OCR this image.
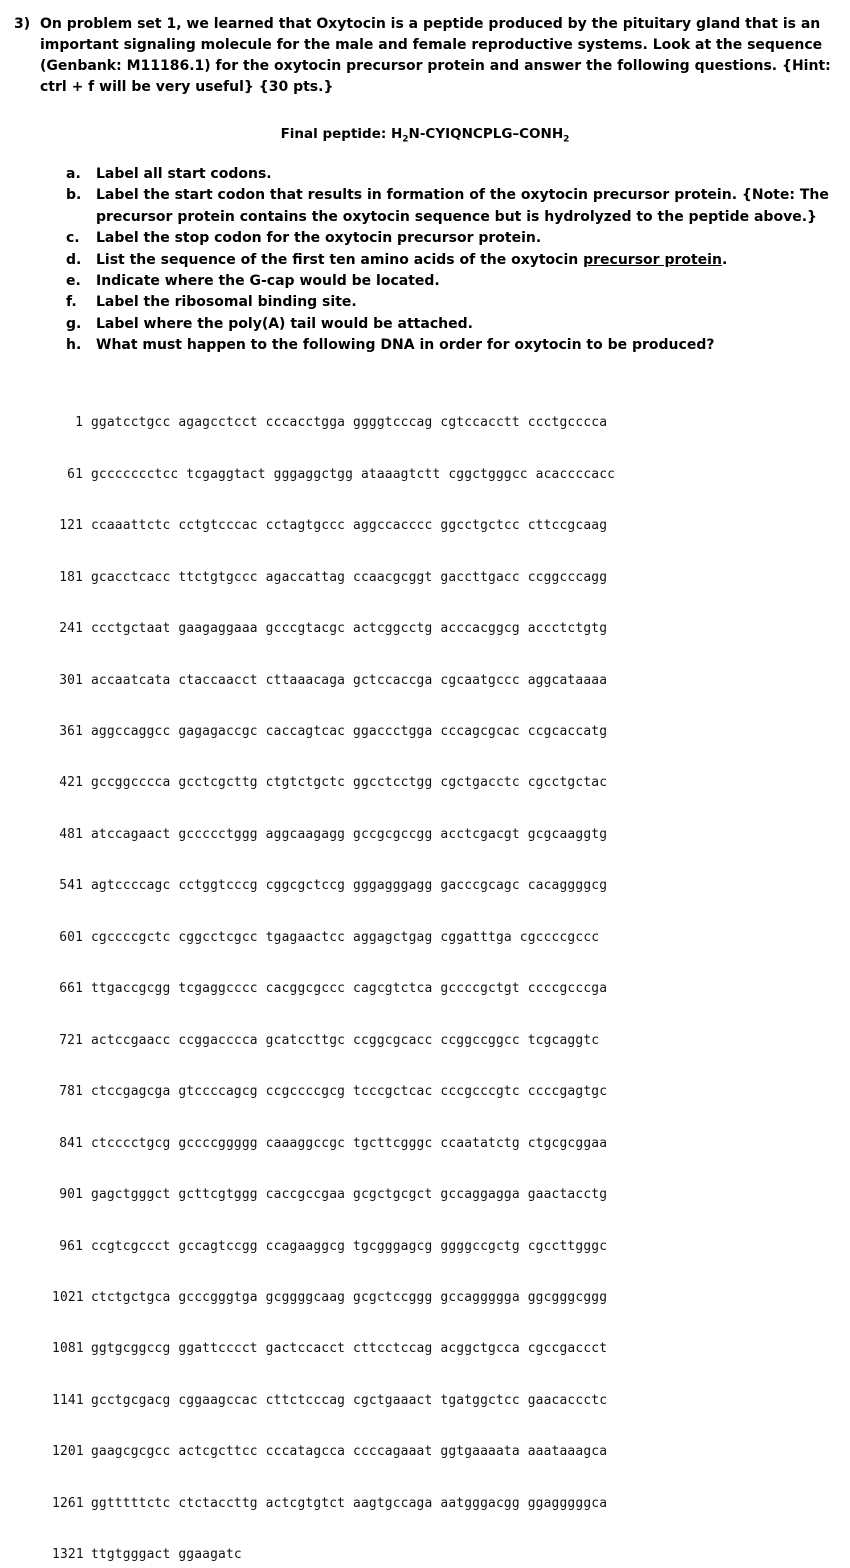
3) On problem set 1, we learned that Oxytocin is a peptide produced by the pituitary gland that is an important signaling molecule for the male and female reproductive systems. Look at the sequence (Genbank: M11186.1) for the oxytocin precursor protein and answer the following questions. {Hint: ctrl + f will be very useful} {30 pts.}
Final peptide: $H_2N-CYIQNCPLG-CONH_2$
a. Label all start codons.
b. Label the start codon that results in formation of the oxytocin precursor protein. {Note: The precursor protein contains the oxytocin sequence but is hydrolyzed to the peptide above.}
c. Label the stop codon for the oxytocin precursor protein.
d. List the sequence of the first ten amino acids of the oxytocin precursor protein.
e. Indicate where the G-cap would be located.
f. Label the ribosomal binding site.
g. Label where the poly(A) tail would be attached.
h. What must happen to the following DNA in order for oxytocin to be produced?

1 ggatcctgcc agagcctcct cccacctgga ggggtcccag cgtccacctt ccctgcccca

61 gccccccctcc tcgaggtact gggaggctgg ataaagtctt cggctgggcc acaccccacc

121 ccaaattctc cctgtcccac cctagtgccc aggccacccc ggcctgctcc cttccgcaag

181 gcacctcacc ttctgtgccc agaccattag ccaacgcggt gaccttgacc ccggcccagg

241 ccctgctaat gaagaggaaa gcccgtacgc actcggcctg acccacggcg accctctgtg

301 accaatcata ctaccaacct cttaaacaga gctccaccga cgcaatgccc aggcataaaa

361 aggccaggcc gagagaccgc caccagtcac ggaccctgga cccagcgcac ccgcaccatg

421 gccggcccca gcctcgcttg ctgtctgctc ggcctcctgg cgctgacctc cgcctgctac

481 atccagaact gccccctggg aggcaagagg gccgcgccgg acctcgacgt gcgcaaggtg

541 agtccccagc cctggtcccg cggcgctccg gggagggagg gacccgcagc cacaggggcg

601 cgccccgctc cggcctcgcc tgagaactcc aggagctgag cggatttga cgccccgccc

661 ttgaccgcgg tcgaggcccc cacggcgccc cagcgtctca gccccgctgt ccccgcccga

721 actccgaacc ccggacccca gcatccttgc ccggcgcacc ccggccggcc tcgcaggtc

781 ctccgagcga gtccccagcg ccgccccgcg tcccgctcac cccgcccgtc ccccgagtgc

841 ctcccctgcg gccccggggg caaaggccgc tgcttcgggc ccaatatctg ctgcgcggaa

901 gagctgggct gcttcgtggg caccgccgaa gcgctgcgct gccaggagga gaactacctg

961 ccgtcgccct gccagtccgg ccagaaggcg tgcgggagcg ggggccgctg cgccttgggc

1021 ctctgctgca gcccgggtga gcggggcaag gcgctccggg gccaggggga ggcgggcggg

1081 ggtgcggccg ggattcccct gactccacct cttcctccag acggctgcca cgccgaccct

1141 gcctgcgacg cggaagccac cttctcccag cgctgaaact tgatggctcc gaacaccctc

1201 gaagcgcgcc actcgcttcc cccatagcca ccccagaaat ggtgaaaata aaataaagca

1261 ggtttttctc ctctaccttg actcgtgtct aagtgccaga aatgggacgg ggagggggca

1321 ttgtgggact ggaagatc
